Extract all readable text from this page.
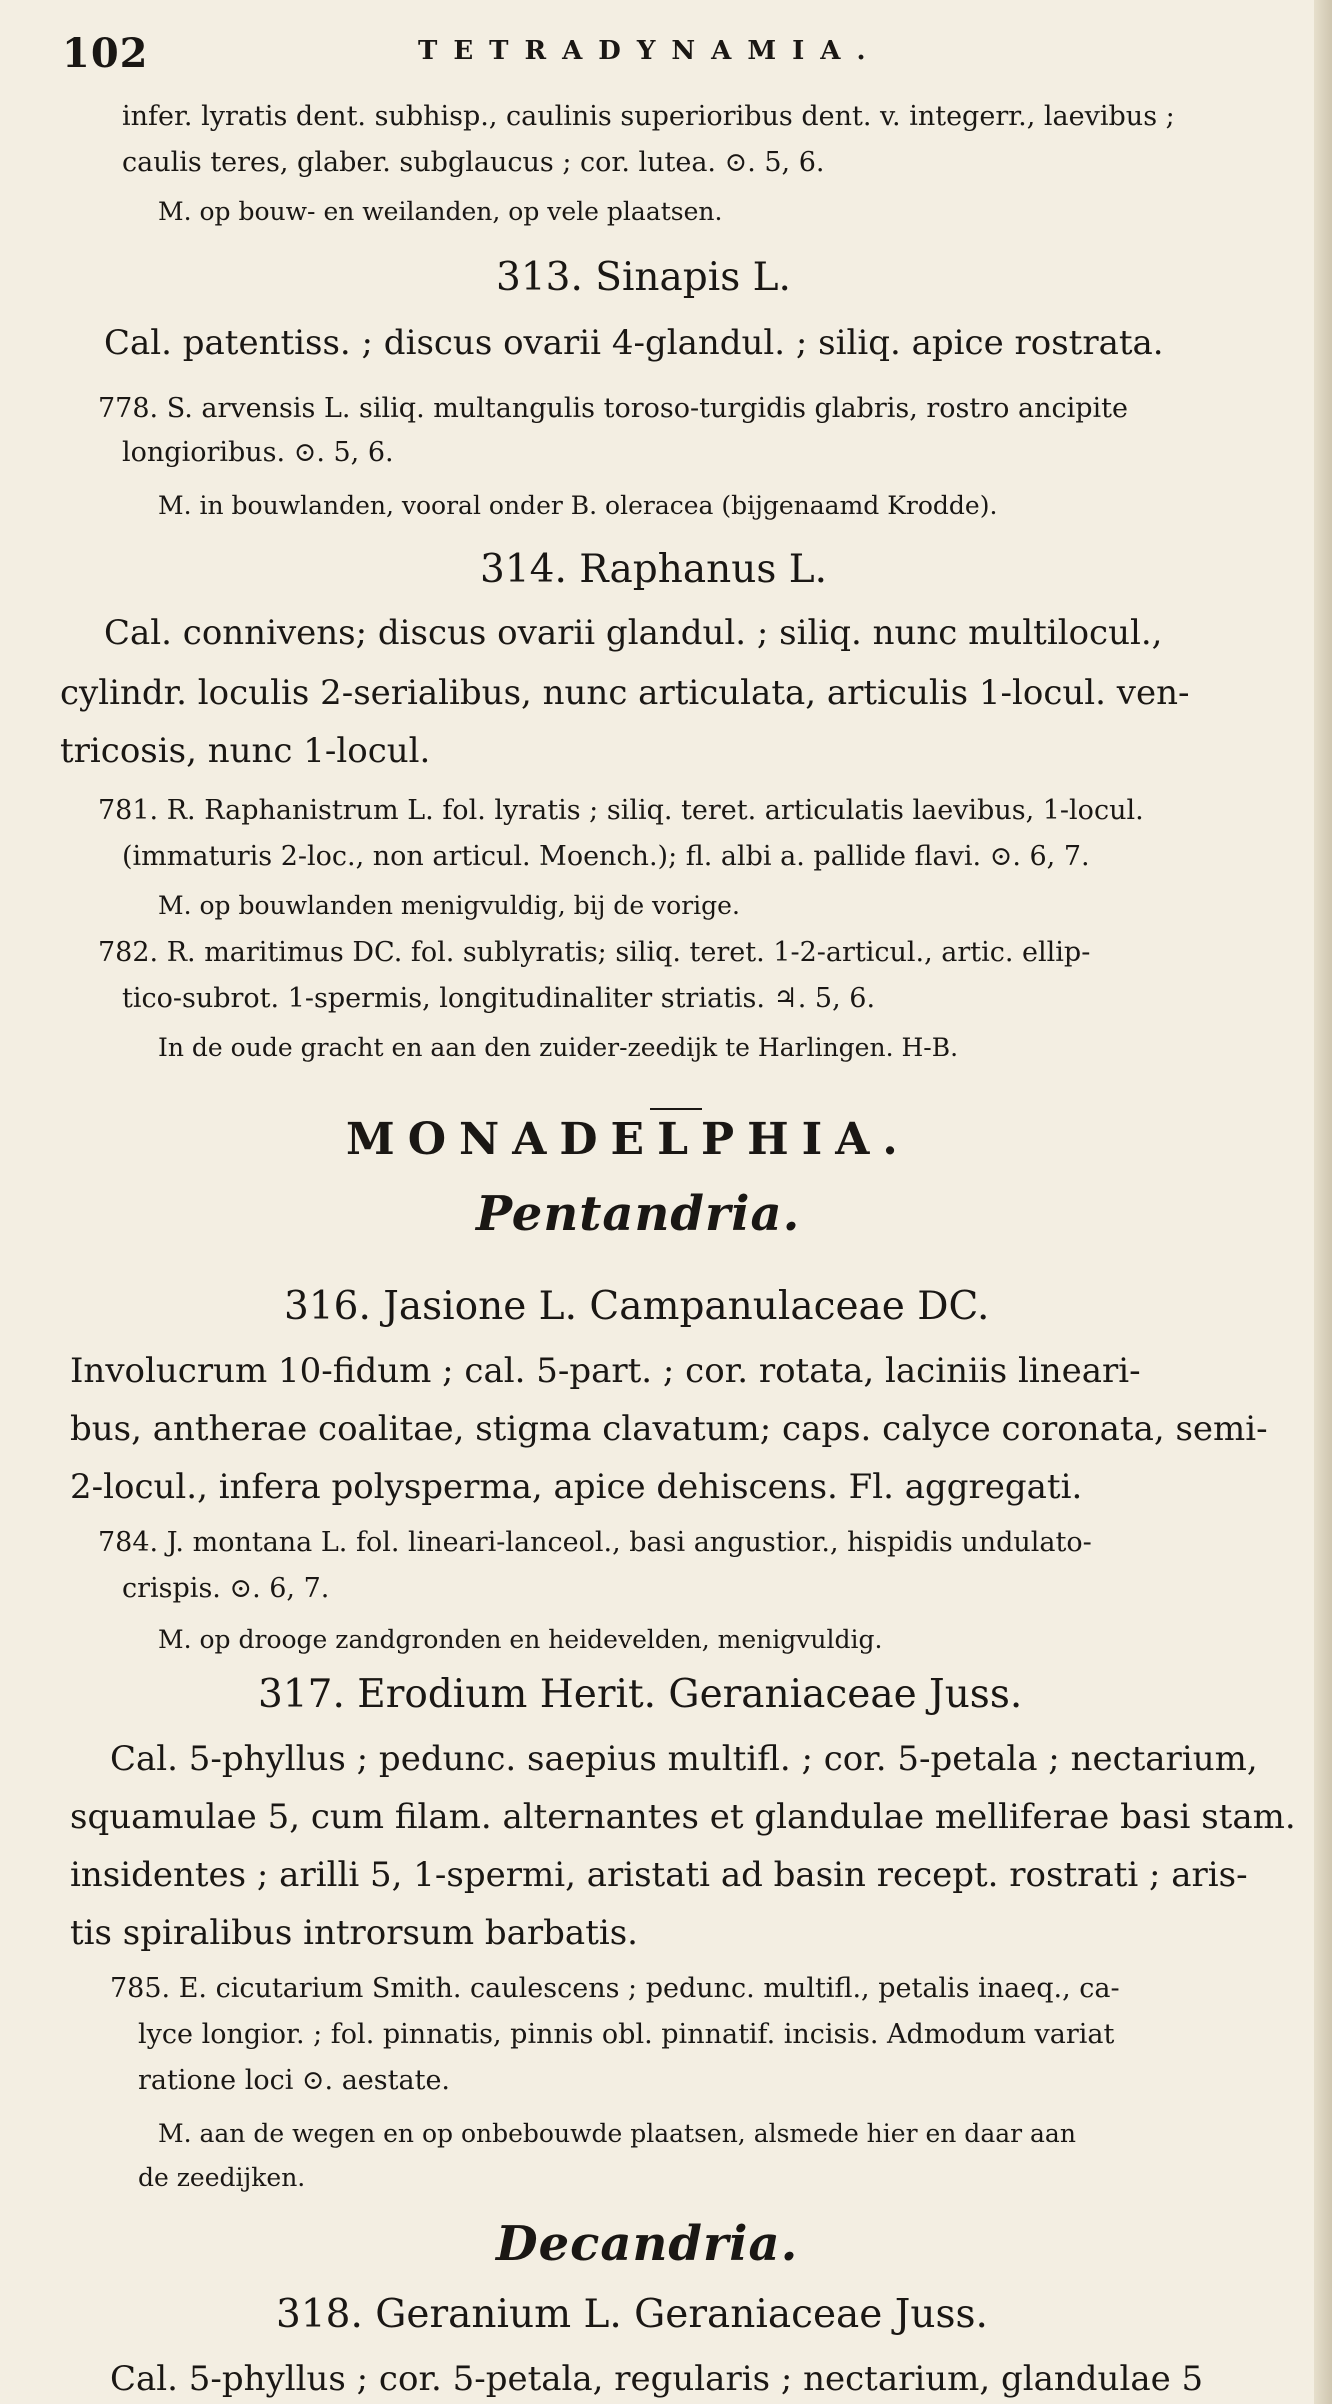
102	TETRADYNAMIA.
infer. lyratis dent. subhisp., caulinis superioribus dent. v. integerr., laevibus ;
caulis teres, glaber. subglaucus ; cor. lutea. ⊙. 5, 6.
M. op bouw- en weilanden, op vele plaatsen.
313. Sinapis L.
Cal. patentiss. ; discus ovarii 4-glandul. ; siliq. apice rostrata.
778. S. arvensis L. siliq. multangulis toroso-turgidis glabris, rostro ancipite
longioribus. ⊙. 5, 6.
M. in bouwlanden, vooral onder B. oleracea (bijgenaamd Krodde).
314. Raphanus L.
Cal. connivens; discus ovarii glandul. ; siliq. nunc multilocul.,
cylindr. loculis 2-serialibus, nunc articulata, articulis 1-locul. ven-
tricosis, nunc 1-locul.
781. R. Raphanistrum L. fol. lyratis ; siliq. teret. articulatis laevibus, 1-locul.
(immaturis 2-loc., non articul. Moench.); fl. albi a. pallide flavi. ⊙. 6, 7.
M. op bouwlanden menigvuldig, bij de vorige.
782. R. maritimus DC. fol. sublyratis; siliq. teret. 1-2-articul., artic. ellip-
tico-subrot. 1-spermis, longitudinaliter striatis. ♃. 5, 6.
In de oude gracht en aan den zuider-zeedijk te Harlingen. H-B.
MONADELPHIA.
Pentandria.
316. Jasione L. Campanulaceae DC.
Involucrum 10-fidum ; cal. 5-part. ; cor. rotata, laciniis lineari-
bus, antherae coalitae, stigma clavatum; caps. calyce coronata, semi-
2-locul., infera polysperma, apice dehiscens. Fl. aggregati.
784. J. montana L. fol. lineari-lanceol., basi angustior., hispidis undulato-
crispis. ⊙. 6, 7.
M. op drooge zandgronden en heidevelden, menigvuldig.
317. Erodium Herit. Geraniaceae Juss.
Cal. 5-phyllus ; pedunc. saepius multifl. ; cor. 5-petala ; nectarium,
squamulae 5, cum filam. alternantes et glandulae melliferae basi stam.
insidentes ; arilli 5, 1-spermi, aristati ad basin recept. rostrati ; aris-
tis spiralibus introrsum barbatis.
785. E. cicutarium Smith. caulescens ; pedunc. multifl., petalis inaeq., ca-
lyce longior. ; fol. pinnatis, pinnis obl. pinnatif. incisis. Admodum variat
ratione loci ⊙. aestate.
M. aan de wegen en op onbebouwde plaatsen, alsmede hier en daar aan
de zeedijken.
Decandria.
318. Geranium L. Geraniaceae Juss.
Cal. 5-phyllus ; cor. 5-petala, regularis ; nectarium, glandulae 5
